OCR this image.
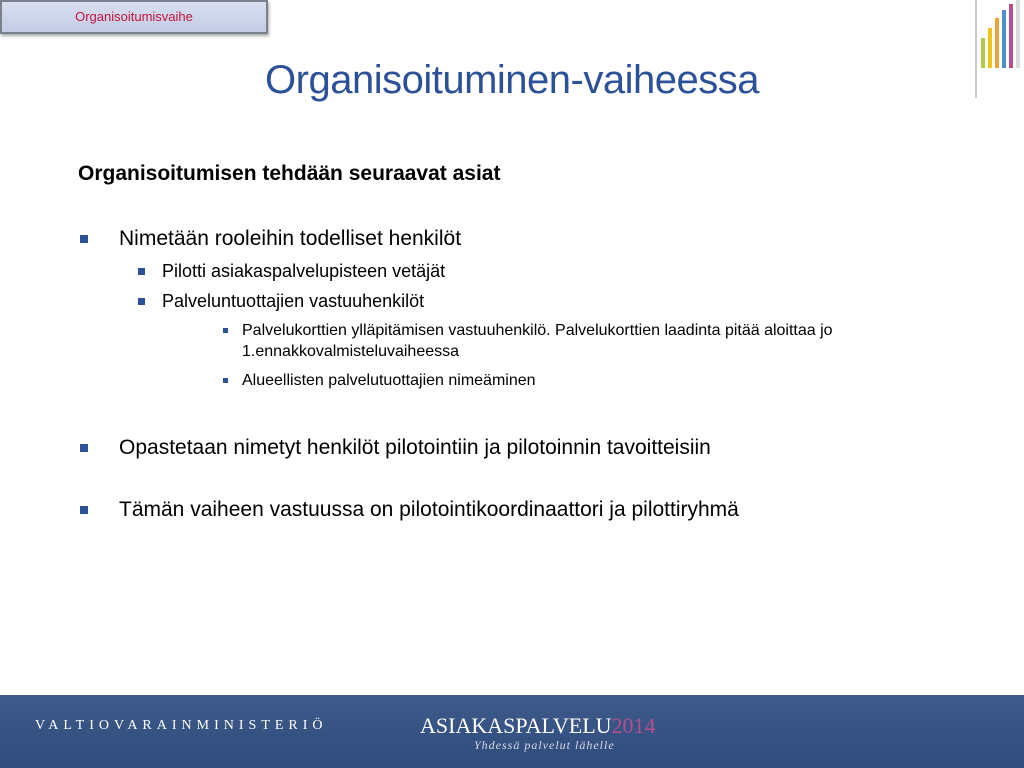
Organisoitumisvaihe
Organisoituminen-vaiheessa

Organisoitumisen tehdään seuraavat asiat

Nimetään rooleihin todelliset henkilöt
Pilotti asiakaspalvelupisteen vetäjät
Palveluntuottajien vastuuhenkilöt
Palvelukorttien ylläpitämisen vastuuhenkilö. Palvelukorttien laadinta pitää aloittaa jo 1.ennakkovalmisteluvaiheessa
Alueellisten palvelutuottajien nimeäminen
Opastetaan nimetyt henkilöt pilotointiin ja pilotoinnin tavoitteisiin
Tämän vaiheen vastuussa on pilotointikoordinaattori ja pilottiryhmä
VALTIOVARAINMINISTERIÖ	ASIAKASPALVELU2014
Yhdessä palvelut lähelle
